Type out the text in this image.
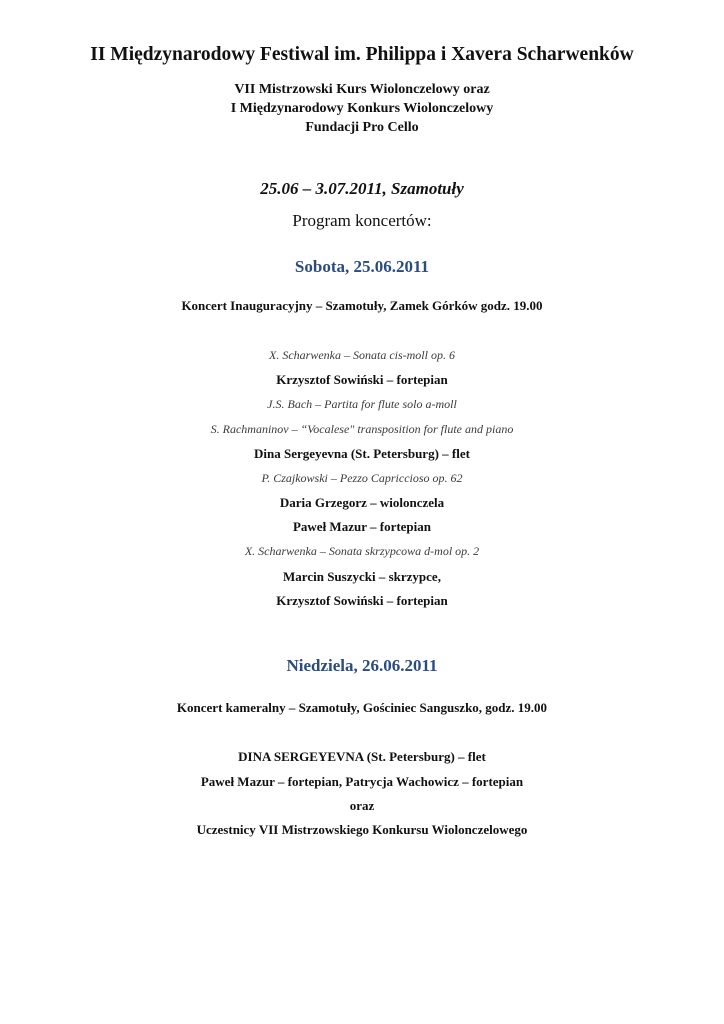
II Międzynarodowy Festiwal im. Philippa i Xavera Scharwenków
VII Mistrzowski Kurs Wiolonczelowy oraz
I Międzynarodowy Konkurs Wiolonczelowy
Fundacji Pro Cello
25.06 – 3.07.2011, Szamotuły
Program koncertów:
Sobota, 25.06.2011
Koncert Inauguracyjny – Szamotuły, Zamek Górków godz. 19.00
X. Scharwenka – Sonata cis-moll op. 6
Krzysztof Sowiński – fortepian
J.S. Bach – Partita for flute solo a-moll
S. Rachmaninov – “Vocalese" transposition for flute and piano
Dina Sergeyevna (St. Petersburg) – flet
P. Czajkowski – Pezzo Capriccioso op. 62
Daria Grzegorz – wiolonczela
Paweł Mazur – fortepian
X. Scharwenka – Sonata skrzypcowa d-mol op. 2
Marcin Suszycki – skrzypce,
Krzysztof Sowiński – fortepian
Niedziela, 26.06.2011
Koncert kameralny – Szamotuły, Gościniec Sanguszko, godz. 19.00
DINA SERGEYEVNA (St. Petersburg) – flet
Paweł Mazur – fortepian, Patrycja Wachowicz – fortepian
oraz
Uczestnicy VII Mistrzowskiego Konkursu Wiolonczelowego
